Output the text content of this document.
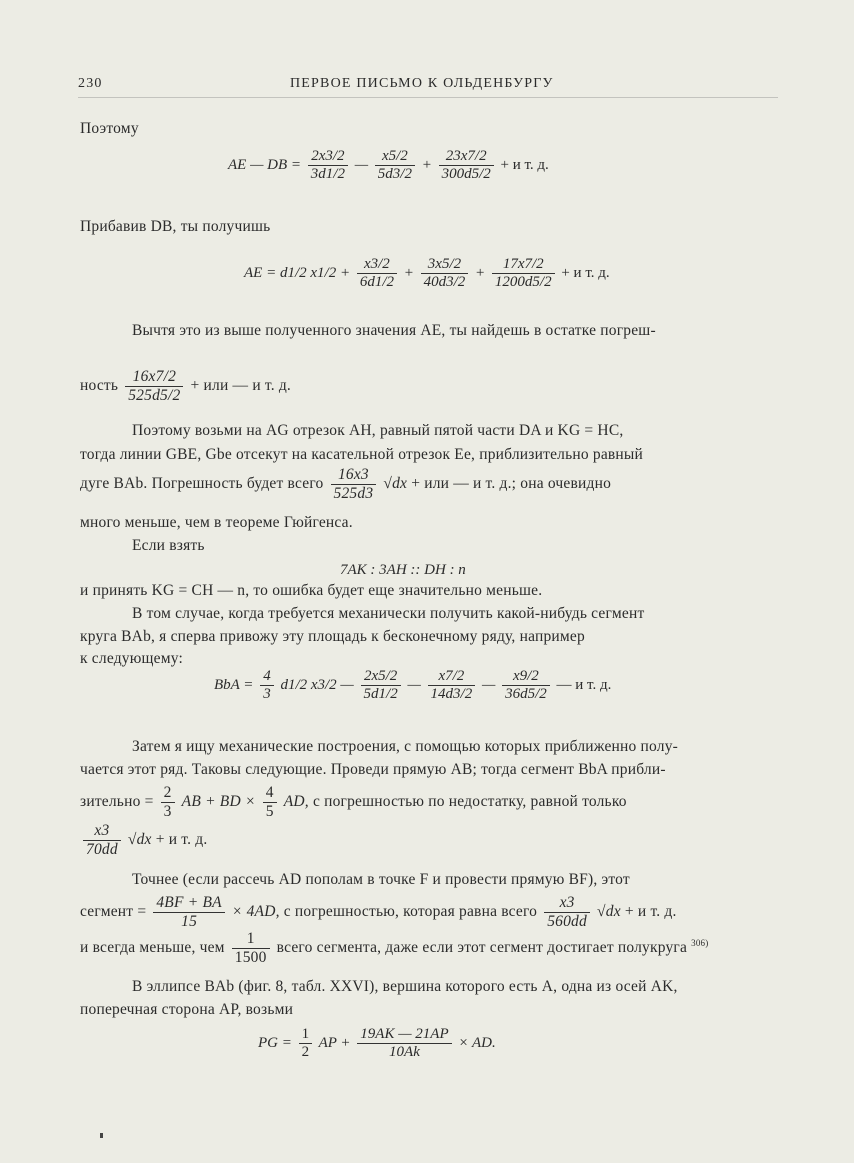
230	ПЕРВОЕ ПИСЬМО К ОЛЬДЕНБУРГУ
Поэтому
AE — DB = $\frac{2x3/2}{3d1/2}$ — $\frac{x5/2}{5d3/2} + \frac{23x7/2}{300d5/2} + и$ т. д.
Прибавив DB, ты получишь
AE = d1/2 $x1/2 + \frac{x3/2}{6d1/2} + \frac{3x5/2}{40d3/2} + \frac{17x7/2}{1200d5/2} + и$ т. д.
Вычтя это из выше полученного значения AE, ты найдешь в остатке погреш-
ность $\frac{16x7/2}{525d5/2}$ + или — и т. д.
Поэтому возьми на AG отрезок AH, равный пятой части DA и KG = HC,
тогда линии GBE, Gbe отсекут на касательной отрезок Ee, приблизительно равный
дуге BAb. Погрешность будет всего $\frac{16x3}{525d3} √dx$ + или — и т. д.; она очевидно
много меньше, чем в теореме Гюйгенса.
Если взять
7AK : 3AH :: DH : n
и принять KG = CH — n, то ошибка будет еще значительно меньше.
В том случае, когда требуется механически получить какой-нибудь сегмент
круга BAb, я сперва привожу эту площадь к бесконечному ряду, например
к следующему:
BbA = $\frac{4}{3} d1/2$ x3/2 — $\frac{2x5/2}{5d1/2}$ — $\frac{x7/2}{14d3/2}$ — $\frac{x9/2}{36d5/2}$ — и т. д.
Затем я ищу механические построения, с помощью которых приближенно полу-
чается этот ряд. Таковы следующие. Проведи прямую AB; тогда сегмент BbA прибли-
зительно = $\frac{2}{3}$ AB + BD × $\frac{4}{5}$ AD, с погрешностью по недостатку, равной только
$\frac{x3}{70dd} √dx + и$ т. д.
Точнее (если рассечь AD пополам в точке F и провести прямую BF), этот
сегмент = $\frac{4BF + BA}{15} \times 4AD$, с погрешностью, которая равна всего $\frac{x3}{560dd} √dx + и$ т. д.
и всегда меньше, чем $\frac{1}{1500}$ всего сегмента, даже если этот сегмент достигает полукруга $^{306)}$
В эллипсе BAb (фиг. 8, табл. XXVI), вершина которого есть A, одна из осей AK,
поперечная сторона AP, возьми
PG = $\frac{1}{2}$ AP + $\frac{19AK — 21AP}{10Ak}$ × AD.
